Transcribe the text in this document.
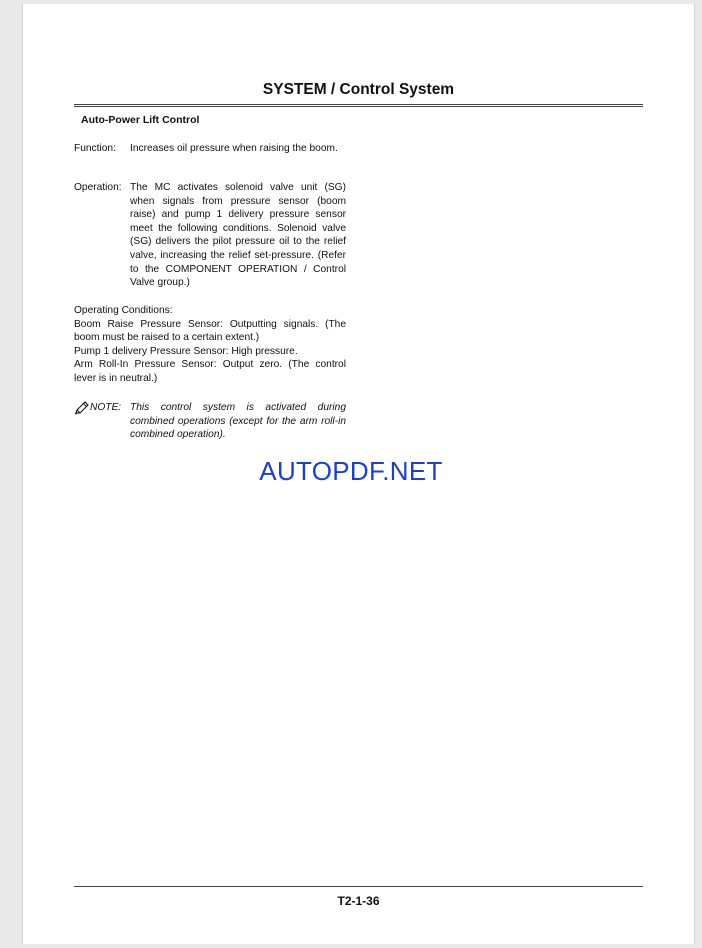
SYSTEM / Control System
Auto-Power Lift Control
Function: Increases oil pressure when raising the boom.
Operation: The MC activates solenoid valve unit (SG) when signals from pressure sensor (boom raise) and pump 1 delivery pressure sensor meet the following conditions. Solenoid valve (SG) delivers the pilot pressure oil to the relief valve, increasing the relief set-pressure. (Refer to the COMPONENT OPERATION / Control Valve group.)

Operating Conditions:

Boom Raise Pressure Sensor: Outputting signals. (The boom must be raised to a certain extent.)

Pump 1 delivery Pressure Sensor: High pressure.

Arm Roll-In Pressure Sensor: Output zero. (The control lever is in neutral.)

NOTE: This control system is activated during combined operations (except for the arm roll-in combined operation).
AUTOPDF.NET
T2-1-36
